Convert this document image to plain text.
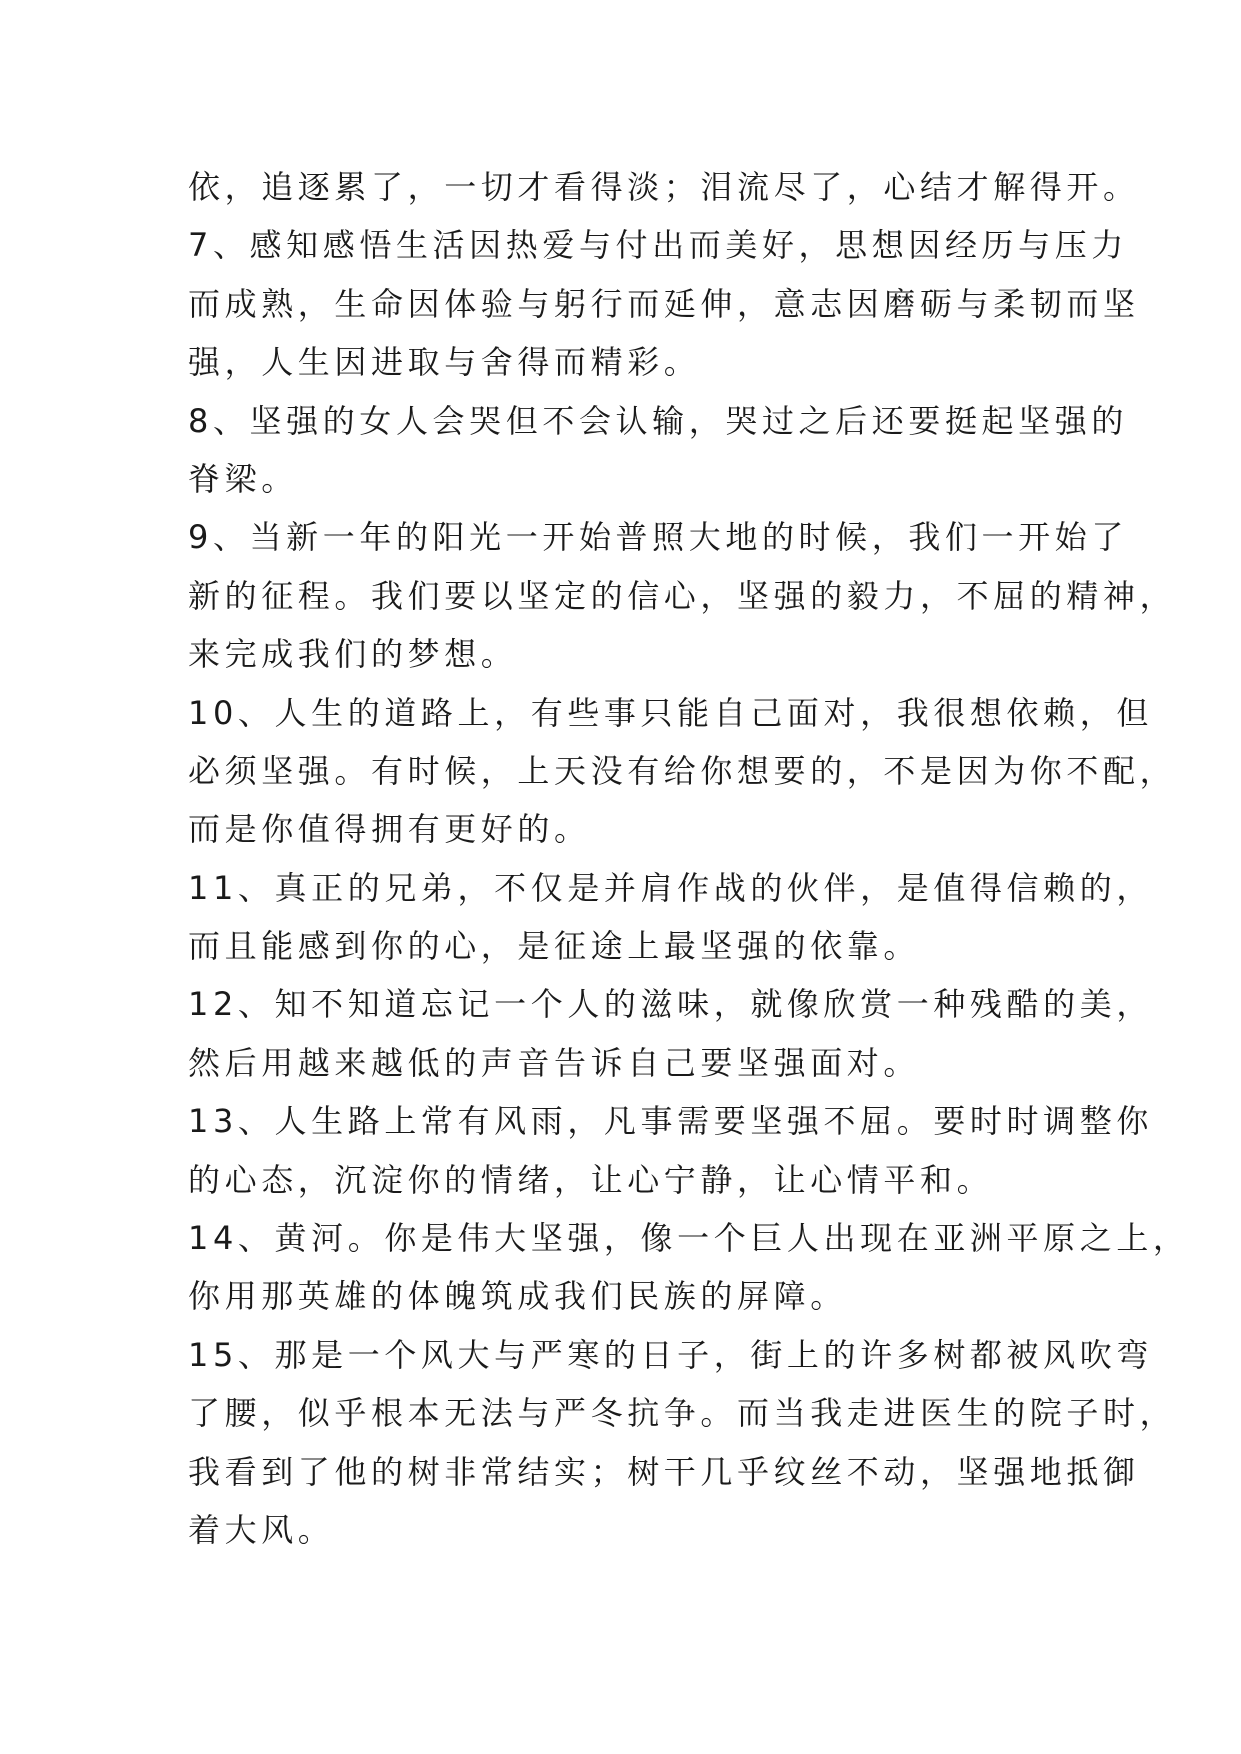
依，追逐累了，一切才看得淡；泪流尽了，心结才解得开。
7、感知感悟生活因热爱与付出而美好，思想因经历与压力
而成熟，生命因体验与躬行而延伸，意志因磨砺与柔韧而坚
强，人生因进取与舍得而精彩。
8、坚强的女人会哭但不会认输，哭过之后还要挺起坚强的
脊梁。
9、当新一年的阳光一开始普照大地的时候，我们一开始了
新的征程。我们要以坚定的信心，坚强的毅力，不屈的精神，
来完成我们的梦想。
10、人生的道路上，有些事只能自己面对，我很想依赖，但
必须坚强。有时候，上天没有给你想要的，不是因为你不配，
而是你值得拥有更好的。
11、真正的兄弟，不仅是并肩作战的伙伴，是值得信赖的，
而且能感到你的心，是征途上最坚强的依靠。
12、知不知道忘记一个人的滋味，就像欣赏一种残酷的美，
然后用越来越低的声音告诉自己要坚强面对。
13、人生路上常有风雨，凡事需要坚强不屈。要时时调整你
的心态，沉淀你的情绪，让心宁静，让心情平和。
14、黄河。你是伟大坚强，像一个巨人出现在亚洲平原之上，
你用那英雄的体魄筑成我们民族的屏障。
15、那是一个风大与严寒的日子，街上的许多树都被风吹弯
了腰，似乎根本无法与严冬抗争。而当我走进医生的院子时，
我看到了他的树非常结实；树干几乎纹丝不动，坚强地抵御
着大风。
